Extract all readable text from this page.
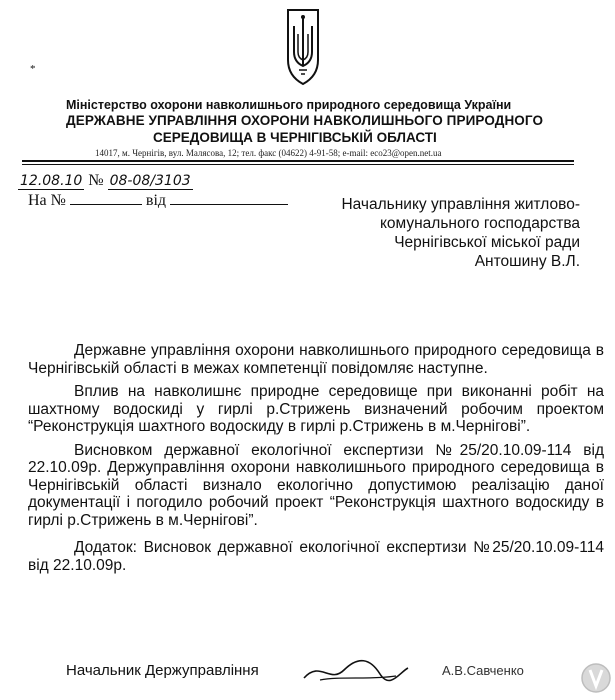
*
Міністерство охорони навколишнього природного середовища України
ДЕРЖАВНЕ УПРАВЛІННЯ ОХОРОНИ НАВКОЛИШНЬОГО ПРИРОДНОГО
СЕРЕДОВИЩА В ЧЕРНІГІВСЬКІЙ ОБЛАСТІ
14017, м. Чернігів, вул. Малясова, 12; тел. факс (04622) 4-91-58; e-mail: eco23@open.net.ua
12.08.10 № 08-08/3103
На №	від	Начальнику управління житлово-
комунального господарства
Чернігівської міської ради
Антошину В.Л.

Державне управління охорони навколишнього природного середовища в Чернігівській області в межах компетенції повідомляє наступне.

Вплив на навколишнє природне середовище при виконанні робіт на шахтному водоскиді у гирлі р.Стрижень визначений робочим проектом “Реконструкція шахтного водоскиду в гирлі р.Стрижень в м.Чернігові”.

Висновком державної екологічної експертизи №25/20.10.09-114 від 22.10.09р. Держуправління охорони навколишнього природного середовища в Чернігівській області визнало екологічно допустимою реалізацію даної документації і погодило робочий проект “Реконструкція шахтного водоскиду в гирлі р.Стрижень в м.Чернігові”.

Додаток: Висновок державної екологічної експертизи №25/20.10.09-114 від 22.10.09р.

Начальник Держуправління	А.В.Савченко
